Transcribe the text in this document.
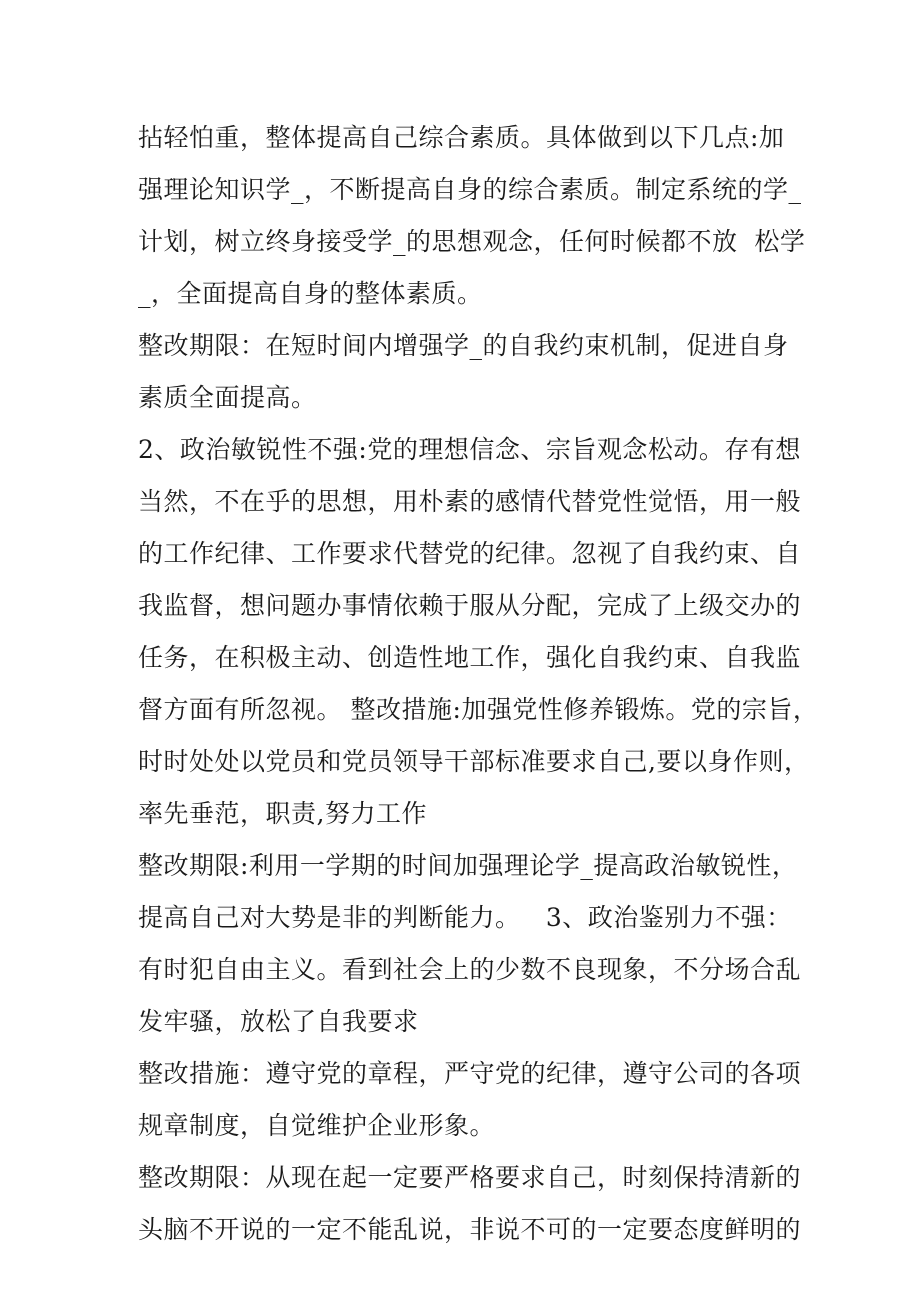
拈轻怕重，整体提高自己综合素质。具体做到以下几点:加
强理论知识学_，不断提高自身的综合素质。制定系统的学_
计划，树立终身接受学_的思想观念，任何时候都不放  松学
_，全面提高自身的整体素质。
整改期限：在短时间内增强学_的自我约束机制，促进自身
素质全面提高。
2、政治敏锐性不强:党的理想信念、宗旨观念松动。存有想
当然，不在乎的思想，用朴素的感情代替党性觉悟，用一般
的工作纪律、工作要求代替党的纪律。忽视了自我约束、自
我监督，想问题办事情依赖于服从分配，完成了上级交办的
任务，在积极主动、创造性地工作，强化自我约束、自我监
督方面有所忽视。 整改措施:加强党性修养锻炼。党的宗旨，
时时处处以党员和党员领导干部标准要求自己,要以身作则，
率先垂范，职责,努力工作
整改期限:利用一学期的时间加强理论学_提高政治敏锐性，
提高自己对大势是非的判断能力。   3、政治鉴别力不强：
有时犯自由主义。看到社会上的少数不良现象，不分场合乱
发牢骚，放松了自我要求
整改措施：遵守党的章程，严守党的纪律，遵守公司的各项
规章制度，自觉维护企业形象。
整改期限：从现在起一定要严格要求自己，时刻保持清新的
头脑不开说的一定不能乱说，非说不可的一定要态度鲜明的
